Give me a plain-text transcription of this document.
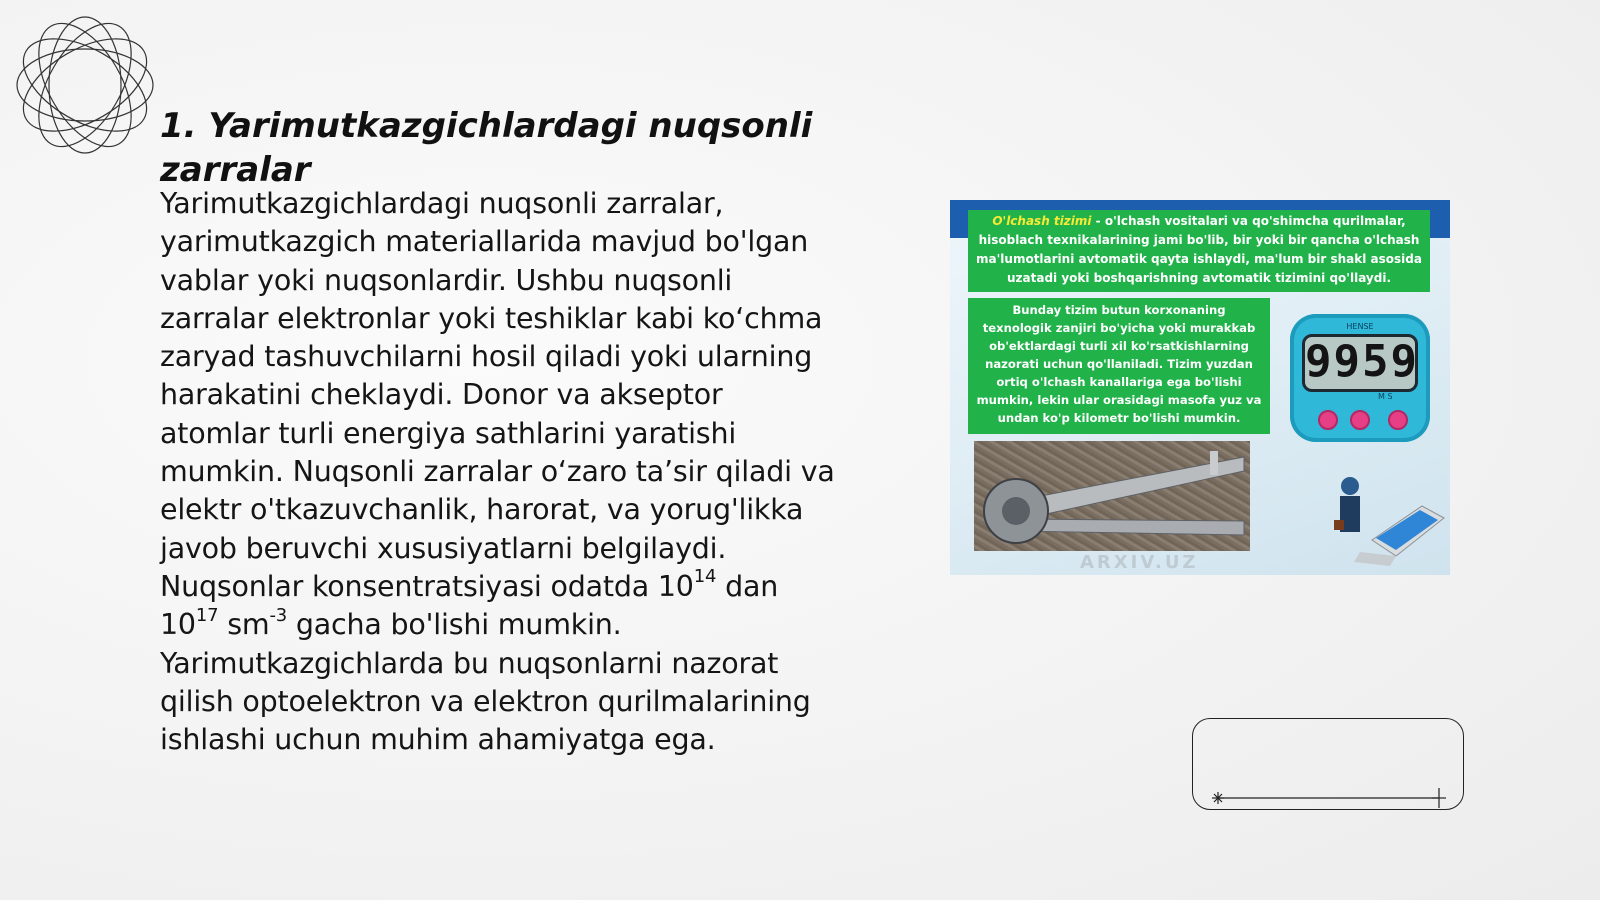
1. Yarimutkazgichlardagi nuqsonli zarralar

Yarimutkazgichlardagi nuqsonli zarralar, yarimutkazgich materiallarida mavjud bo'lgan vablar yoki nuqsonlardir. Ushbu nuqsonli zarralar elektronlar yoki teshiklar kabi ko‘chma zaryad tashuvchilarni hosil qiladi yoki ularning harakatini cheklaydi. Donor va akseptor atomlar turli energiya sathlarini yaratishi mumkin. Nuqsonli zarralar o‘zaro ta’sir qiladi va elektr o'tkazuvchanlik, harorat, va yorug'likka javob beruvchi xususiyatlarni belgilaydi. Nuqsonlar konsentratsiyasi odatda $10^{14}$ dan $10^{17}$ $sm^{-3}$ gacha bo'lishi mumkin. Yarimutkazgichlarda bu nuqsonlarni nazorat qilish optoelektron va elektron qurilmalarining ishlashi uchun muhim ahamiyatga ega.

O'lchash tizimi - o'lchash vositalari va qo'shimcha qurilmalar, hisoblach texnikalarining jami bo'lib, bir yoki bir qancha o'lchash ma'lumotlarini avtomatik qayta ishlaydi, ma'lum bir shakl asosida uzatadi yoki boshqarishning avtomatik tizimini qo'llaydi.
Bunday tizim butun korxonaning texnologik zanjiri bo'yicha yoki murakkab ob'ektlardagi turli xil ko'rsatkishlarning nazorati uchun qo'llaniladi. Tizim yuzdan ortiq o'lchash kanallariga ega bo'lishi mumkin, lekin ular orasidagi masofa yuz va undan ko'p kilometr bo'lishi mumkin.
HENSE
9959
M S
ARXIV.UZ
